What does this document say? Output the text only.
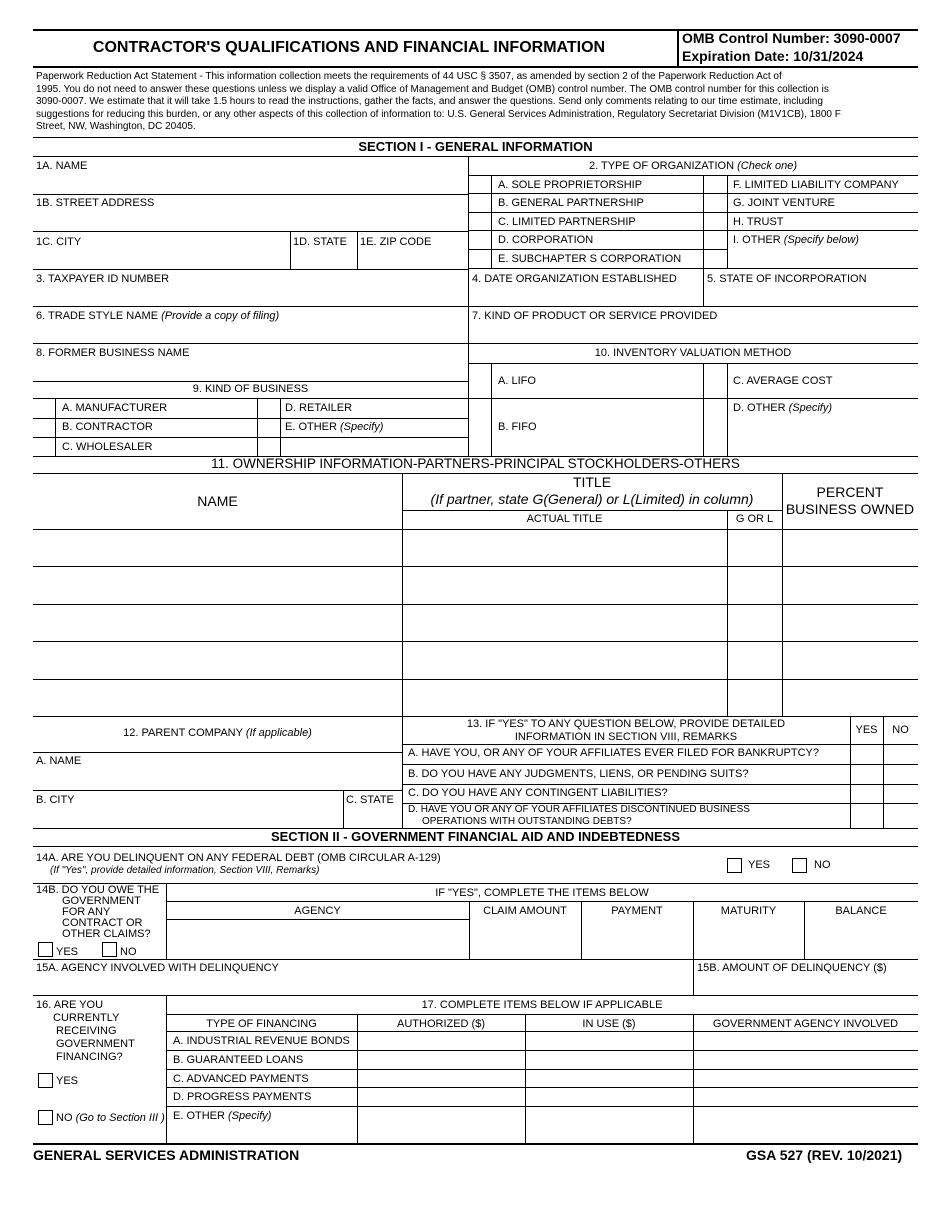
CONTRACTOR'S QUALIFICATIONS AND FINANCIAL INFORMATION
OMB Control Number: 3090-0007
Expiration Date: 10/31/2024
Paperwork Reduction Act Statement - This information collection meets the requirements of 44 USC § 3507, as amended by section 2 of the Paperwork Reduction Act of
1995. You do not need to answer these questions unless we display a valid Office of Management and Budget (OMB) control number. The OMB control number for this collection is
3090-0007. We estimate that it will take 1.5 hours to read the instructions, gather the facts, and answer the questions. Send only comments relating to our time estimate, including
suggestions for reducing this burden, or any other aspects of this collection of information to: U.S. General Services Administration, Regulatory Secretariat Division (M1V1CB), 1800 F
Street, NW, Washington, DC 20405.
SECTION I - GENERAL INFORMATION
1A. NAME
1B. STREET ADDRESS
1C. CITY	1D. STATE 1E. ZIP CODE
3. TAXPAYER ID NUMBER
6. TRADE STYLE NAME (Provide a copy of filing)
8. FORMER BUSINESS NAME
9. KIND OF BUSINESS
A. MANUFACTURER
B. CONTRACTOR
C. WHOLESALER
D. RETAILER
E. OTHER (Specify)
2. TYPE OF ORGANIZATION (Check one)
A. SOLE PROPRIETORSHIP
B. GENERAL PARTNERSHIP
C. LIMITED PARTNERSHIP
D. CORPORATION
E. SUBCHAPTER S CORPORATION
F. LIMITED LIABILITY COMPANY
G. JOINT VENTURE
H. TRUST
I. OTHER (Specify below)
4. DATE ORGANIZATION ESTABLISHED	5. STATE OF INCORPORATION
7. KIND OF PRODUCT OR SERVICE PROVIDED
10. INVENTORY VALUATION METHOD
A. LIFO
B. FIFO
C. AVERAGE COST
D. OTHER (Specify)
11. OWNERSHIP INFORMATION-PARTNERS-PRINCIPAL STOCKHOLDERS-OTHERS
NAME
TITLE
(If partner, state G(General) or L(Limited) in column)
ACTUAL TITLE	G OR L
PERCENT
BUSINESS OWNED
12. PARENT COMPANY (If applicable)
A. NAME
B. CITY	C. STATE
13. IF "YES" TO ANY QUESTION BELOW, PROVIDE DETAILED
INFORMATION IN SECTION VIII, REMARKS
YES	NO
A. HAVE YOU, OR ANY OF YOUR AFFILIATES EVER FILED FOR BANKRUPTCY?
B. DO YOU HAVE ANY JUDGMENTS, LIENS, OR PENDING SUITS?
C. DO YOU HAVE ANY CONTINGENT LIABILITIES?
D. HAVE YOU OR ANY OF YOUR AFFILIATES DISCONTINUED BUSINESS
OPERATIONS WITH OUTSTANDING DEBTS?
SECTION II - GOVERNMENT FINANCIAL AID AND INDEBTEDNESS
14A. ARE YOU DELINQUENT ON ANY FEDERAL DEBT (OMB CIRCULAR A-129)
(If "Yes", provide detailed information, Section VIII, Remarks)	YES	NO
14B. DO YOU OWE THE
GOVERNMENT
FOR ANY
CONTRACT OR
OTHER CLAIMS?
YES	NO
IF "YES", COMPLETE THE ITEMS BELOW
AGENCY	CLAIM AMOUNT	PAYMENT	MATURITY	BALANCE
15A. AGENCY INVOLVED WITH DELINQUENCY	15B. AMOUNT OF DELINQUENCY ($)
16. ARE YOU
CURRENTLY
RECEIVING
GOVERNMENT
FINANCING?
YES
NO (Go to Section III )
17. COMPLETE ITEMS BELOW IF APPLICABLE
TYPE OF FINANCING	AUTHORIZED ($)	IN USE ($)	GOVERNMENT AGENCY INVOLVED
A. INDUSTRIAL REVENUE BONDS
B. GUARANTEED LOANS
C. ADVANCED PAYMENTS
D. PROGRESS PAYMENTS
E. OTHER (Specify)
GENERAL SERVICES ADMINISTRATION	GSA 527 (REV. 10/2021)
